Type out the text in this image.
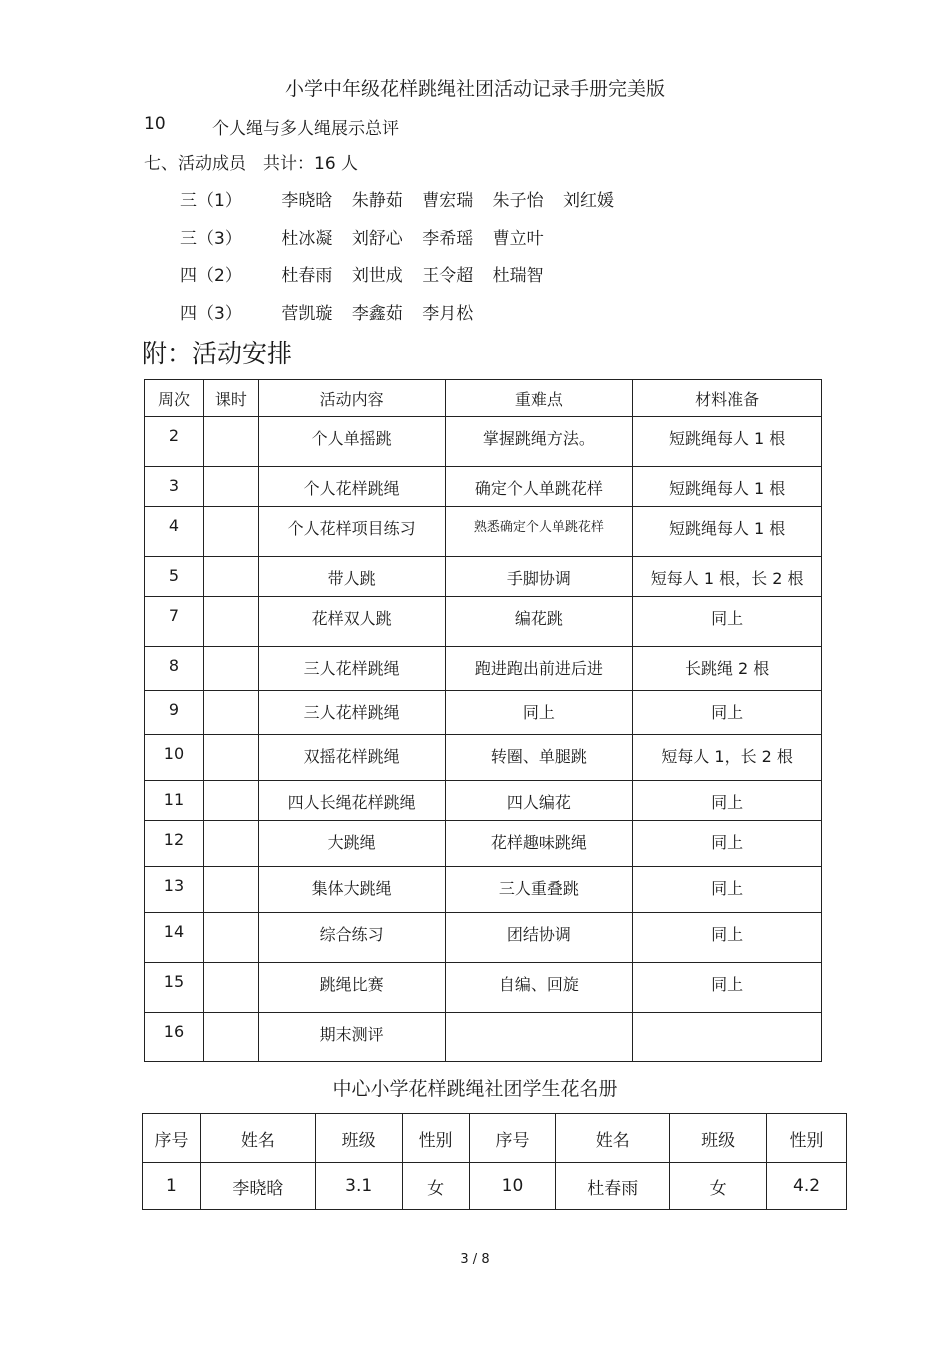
小学中年级花样跳绳社团活动记录手册完美版
10	个人绳与多人绳展示总评
七、活动成员　共计：16 人
三（1） 李晓晗 朱静茹 曹宏瑞 朱子怡 刘红媛
三（3） 杜冰凝 刘舒心 李希瑶 曹立叶
四（2） 杜春雨 刘世成 王令超 杜瑞智
四（3） 菅凯璇 李鑫茹 李月松
附：活动安排
周次	课时	活动内容	重难点	材料准备
2		个人单摇跳	掌握跳绳方法。	短跳绳每人 1 根
3		个人花样跳绳	确定个人单跳花样	短跳绳每人 1 根
4		个人花样项目练习	熟悉确定个人单跳花样	短跳绳每人 1 根
5		带人跳	手脚协调	短每人 1 根，长 2 根
7		花样双人跳	编花跳	同上
8		三人花样跳绳	跑进跑出前进后进	长跳绳 2 根
9		三人花样跳绳	同上	同上
10		双摇花样跳绳	转圈、单腿跳	短每人 1，长 2 根
11		四人长绳花样跳绳	四人编花	同上
12		大跳绳	花样趣味跳绳	同上
13		集体大跳绳	三人重叠跳	同上
14		综合练习	团结协调	同上
15		跳绳比赛	自编、回旋	同上
16		期末测评		
中心小学花样跳绳社团学生花名册
序号	姓名	班级	性别	序号	姓名	班级	性别
1	李晓晗	3.1	女	10	杜春雨	女	4.2
3 / 8
